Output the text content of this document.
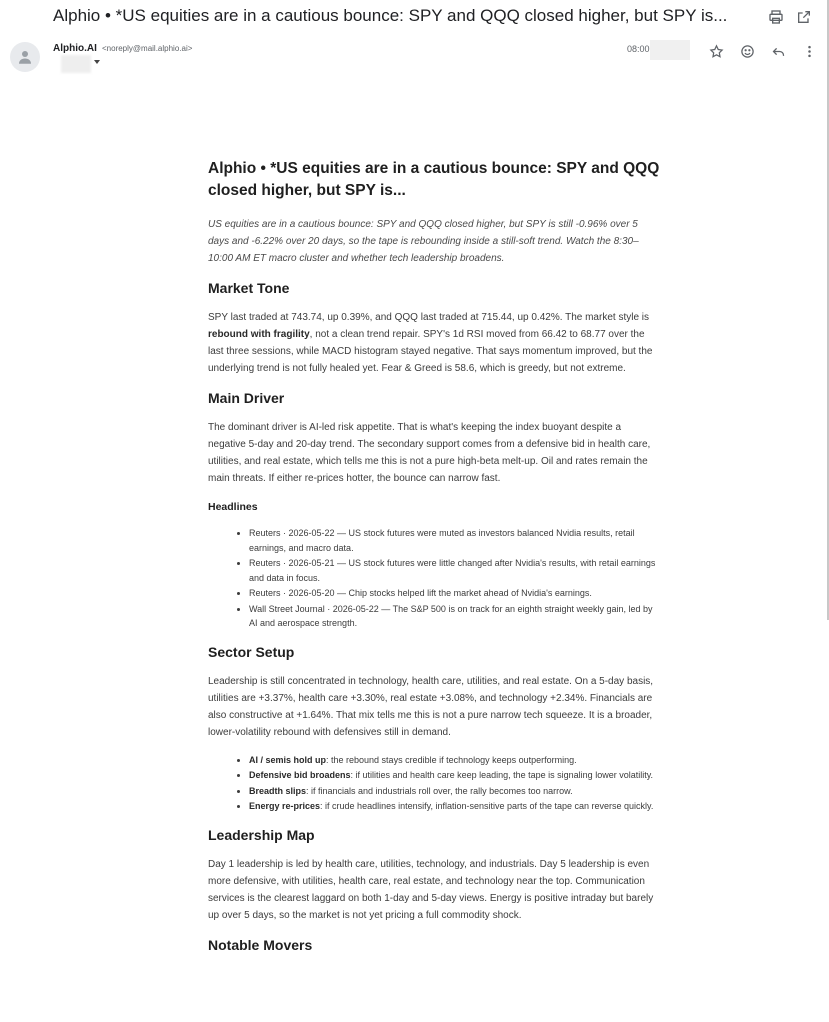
Alphio • *US equities are in a cautious bounce: SPY and QQQ closed higher, but SPY is...
Alphio.AI <noreply@mail.alphio.ai>	08:00
Alphio • *US equities are in a cautious bounce: SPY and QQQ closed higher, but SPY is...

US equities are in a cautious bounce: SPY and QQQ closed higher, but SPY is still -0.96% over 5 days and -6.22% over 20 days, so the tape is rebounding inside a still-soft trend. Watch the 8:30–10:00 AM ET macro cluster and whether tech leadership broadens.

Market Tone

SPY last traded at 743.74, up 0.39%, and QQQ last traded at 715.44, up 0.42%. The market style is rebound with fragility, not a clean trend repair. SPY's 1d RSI moved from 66.42 to 68.77 over the last three sessions, while MACD histogram stayed negative. That says momentum improved, but the underlying trend is not fully healed yet. Fear & Greed is 58.6, which is greedy, but not extreme.

Main Driver

The dominant driver is AI-led risk appetite. That is what's keeping the index buoyant despite a negative 5-day and 20-day trend. The secondary support comes from a defensive bid in health care, utilities, and real estate, which tells me this is not a pure high-beta melt-up. Oil and rates remain the main threats. If either re-prices hotter, the bounce can narrow fast.

Headlines
• Reuters · 2026-05-22 — US stock futures were muted as investors balanced Nvidia results, retail earnings, and macro data.
• Reuters · 2026-05-21 — US stock futures were little changed after Nvidia's results, with retail earnings and data in focus.
• Reuters · 2026-05-20 — Chip stocks helped lift the market ahead of Nvidia's earnings.
• Wall Street Journal · 2026-05-22 — The S&P 500 is on track for an eighth straight weekly gain, led by AI and aerospace strength.
Sector Setup

Leadership is still concentrated in technology, health care, utilities, and real estate. On a 5-day basis, utilities are +3.37%, health care +3.30%, real estate +3.08%, and technology +2.34%. Financials are also constructive at +1.64%. That mix tells me this is not a pure narrow tech squeeze. It is a broader, lower-volatility rebound with defensives still in demand.

• AI / semis hold up: the rebound stays credible if technology keeps outperforming.
• Defensive bid broadens: if utilities and health care keep leading, the tape is signaling lower volatility.
• Breadth slips: if financials and industrials roll over, the rally becomes too narrow.
• Energy re-prices: if crude headlines intensify, inflation-sensitive parts of the tape can reverse quickly.
Leadership Map

Day 1 leadership is led by health care, utilities, technology, and industrials. Day 5 leadership is even more defensive, with utilities, health care, real estate, and technology near the top. Communication services is the clearest laggard on both 1-day and 5-day views. Energy is positive intraday but barely up over 5 days, so the market is not yet pricing a full commodity shock.

Notable Movers
